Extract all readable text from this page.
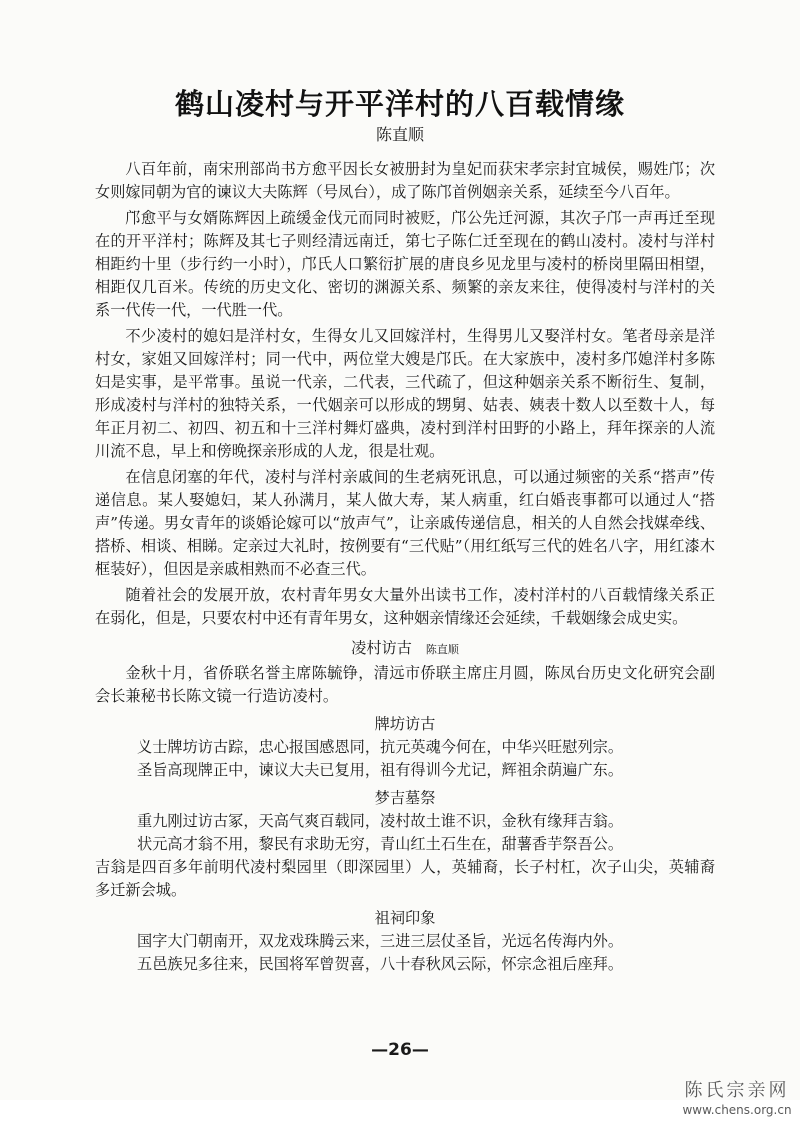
鹤山凌村与开平洋村的八百载情缘
陈直顺

八百年前，南宋刑部尚书方愈平因长女被册封为皇妃而获宋孝宗封宜城侯，赐姓邝；次女则嫁同朝为官的谏议大夫陈辉（号凤台），成了陈邝首例姻亲关系，延续至今八百年。

邝愈平与女婿陈辉因上疏缓金伐元而同时被贬，邝公先迁河源，其次子邝一声再迁至现在的开平洋村；陈辉及其七子则经清远南迁，第七子陈仁迁至现在的鹤山凌村。凌村与洋村相距约十里（步行约一小时），邝氏人口繁衍扩展的唐良乡见龙里与凌村的桥岗里隔田相望，相距仅几百米。传统的历史文化、密切的渊源关系、频繁的亲友来往，使得凌村与洋村的关系一代传一代，一代胜一代。

不少凌村的媳妇是洋村女，生得女儿又回嫁洋村，生得男儿又娶洋村女。笔者母亲是洋村女，家姐又回嫁洋村；同一代中，两位堂大嫂是邝氏。在大家族中，凌村多邝媳洋村多陈妇是实事，是平常事。虽说一代亲，二代表，三代疏了，但这种姻亲关系不断衍生、复制，形成凌村与洋村的独特关系，一代姻亲可以形成的甥舅、姑表、姨表十数人以至数十人，每年正月初二、初四、初五和十三洋村舞灯盛典，凌村到洋村田野的小路上，拜年探亲的人流川流不息，早上和傍晚探亲形成的人龙，很是壮观。

在信息闭塞的年代，凌村与洋村亲戚间的生老病死讯息，可以通过频密的关系“搭声”传递信息。某人娶媳妇，某人孙满月，某人做大寿，某人病重，红白婚丧事都可以通过人“搭声”传递。男女青年的谈婚论嫁可以“放声气”，让亲戚传递信息，相关的人自然会找媒牵线、搭桥、相谈、相睇。定亲过大礼时，按例要有“三代贴”（用红纸写三代的姓名八字，用红漆木框装好），但因是亲戚相熟而不必查三代。

随着社会的发展开放，农村青年男女大量外出读书工作，凌村洋村的八百载情缘关系正在弱化，但是，只要农村中还有青年男女，这种姻亲情缘还会延续，千载姻缘会成史实。

凌村访古 陈直顺

金秋十月，省侨联名誉主席陈毓铮，清远市侨联主席庄月圆，陈凤台历史文化研究会副会长兼秘书长陈文镜一行造访凌村。

牌坊访古
义士牌坊访古踪，忠心报国感恩同，抗元英魂今何在，中华兴旺慰列宗。
圣旨高现牌正中，谏议大夫已复用，祖有得训今尤记，辉祖余荫遍广东。
梦吉墓祭
重九刚过访古冢，天高气爽百载同，凌村故土谁不识，金秋有缘拜吉翁。
状元高才翁不用，黎民有求助无穷，青山红土石生在，甜薯香芋祭吾公。

吉翁是四百多年前明代凌村梨园里（即深园里）人，英辅裔，长子村杠，次子山尖，英辅裔多迁新会城。

祖祠印象
国字大门朝南开，双龙戏珠腾云来，三进三层仗圣旨，光远名传海内外。
五邑族兄多往来，民国将军曾贺喜，八十春秋风云际，怀宗念祖后座拜。
—26—
陈氏宗亲网
www.chens.org.cn
